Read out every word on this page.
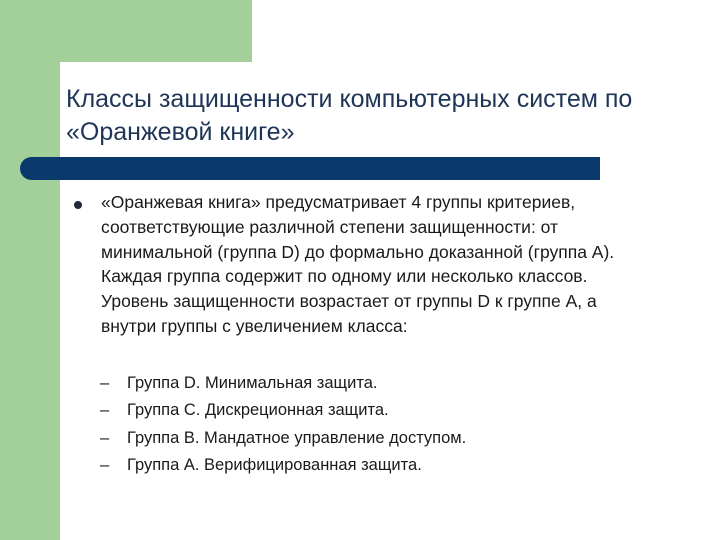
Классы защищенности компьютерных систем по «Оранжевой книге»

«Оранжевая книга» предусматривает 4 группы критериев, соответствующие различной степени защищенности: от минимальной (группа D) до формально доказанной (группа A). Каждая группа содержит по одному или несколько классов. Уровень защищенности возрастает от группы D к группе А, а внутри группы с увеличением класса:

– Группа D. Минимальная защита.
– Группа С. Дискреционная защита.
– Группа В. Мандатное управление доступом.
– Группа А. Верифицированная защита.
